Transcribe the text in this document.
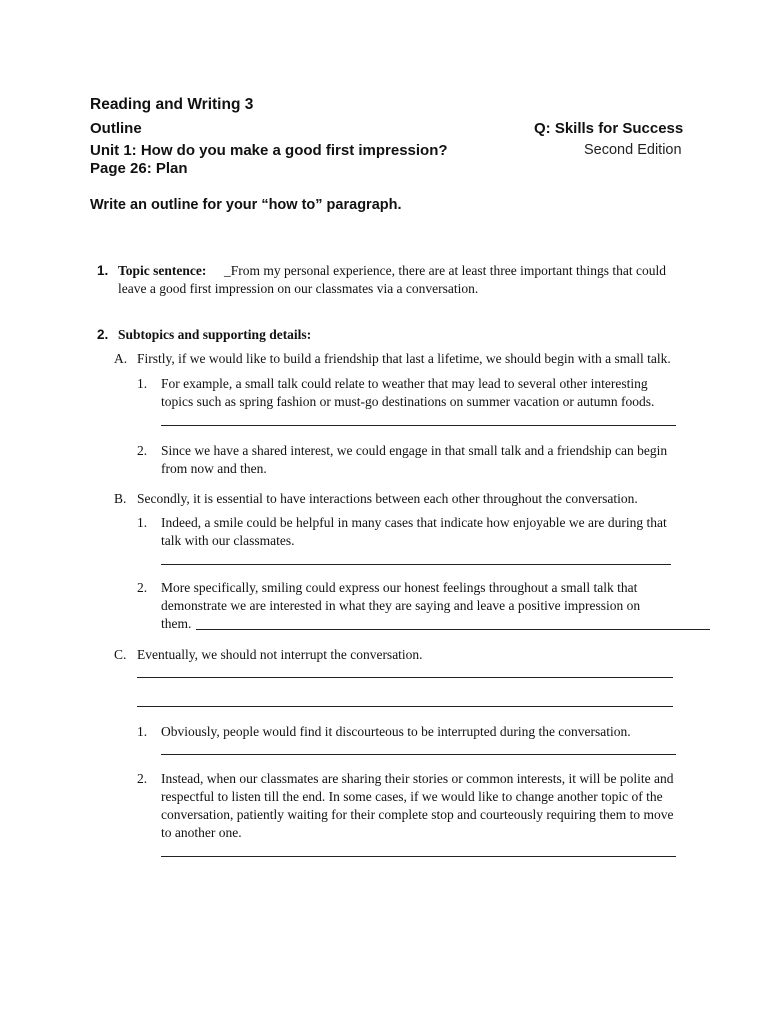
Reading and Writing 3
Outline
Unit 1: How do you make a good first impression?
Page 26: Plan
Q: Skills for Success
Second Edition
Write an outline for your “how to” paragraph.
1. Topic sentence: _From my personal experience, there are at least three important things that could
leave a good first impression on our classmates via a conversation.
2. Subtopics and supporting details:
A. Firstly, if we would like to build a friendship that last a lifetime, we should begin with a small talk.
1. For example, a small talk could relate to weather that may lead to several other interesting
topics such as spring fashion or must-go destinations on summer vacation or autumn foods.
2. Since we have a shared interest, we could engage in that small talk and a friendship can begin
from now and then.
B. Secondly, it is essential to have interactions between each other throughout the conversation.
1. Indeed, a smile could be helpful in many cases that indicate how enjoyable we are during that
talk with our classmates.
2. More specifically, smiling could express our honest feelings throughout a small talk that
demonstrate we are interested in what they are saying and leave a positive impression on
them.
C. Eventually, we should not interrupt the conversation.
1. Obviously, people would find it discourteous to be interrupted during the conversation.
2. Instead, when our classmates are sharing their stories or common interests, it will be polite and
respectful to listen till the end. In some cases, if we would like to change another topic of the
conversation, patiently waiting for their complete stop and courteously requiring them to move
to another one.
